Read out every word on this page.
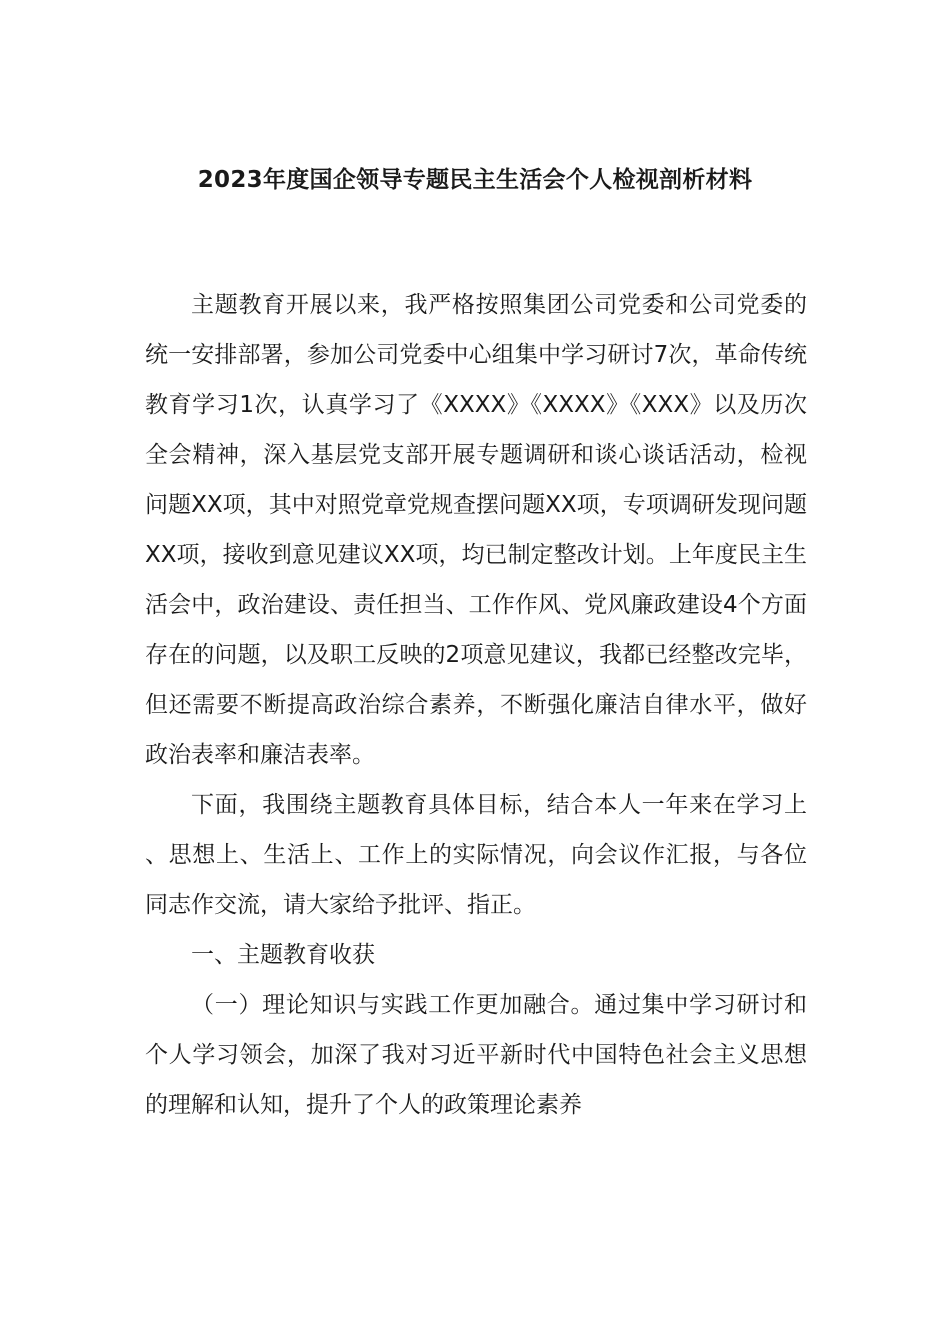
2023年度国企领导专题民主生活会个人检视剖析材料

主题教育开展以来，我严格按照集团公司党委和公司党委的统一安排部署，参加公司党委中心组集中学习研讨7次，革命传统教育学习1次，认真学习了《XXXX》《XXXX》《XXX》以及历次全会精神，深入基层党支部开展专题调研和谈心谈话活动，检视问题XX项，其中对照党章党规查摆问题XX项，专项调研发现问题XX项，接收到意见建议XX项，均已制定整改计划。上年度民主生活会中，政治建设、责任担当、工作作风、党风廉政建设4个方面存在的问题，以及职工反映的2项意见建议，我都已经整改完毕，但还需要不断提高政治综合素养，不断强化廉洁自律水平，做好政治表率和廉洁表率。

下面，我围绕主题教育具体目标，结合本人一年来在学习上、思想上、生活上、工作上的实际情况，向会议作汇报，与各位同志作交流，请大家给予批评、指正。

一、主题教育收获

（一）理论知识与实践工作更加融合。通过集中学习研讨和个人学习领会，加深了我对习近平新时代中国特色社会主义思想的理解和认知，提升了个人的政策理论素养
